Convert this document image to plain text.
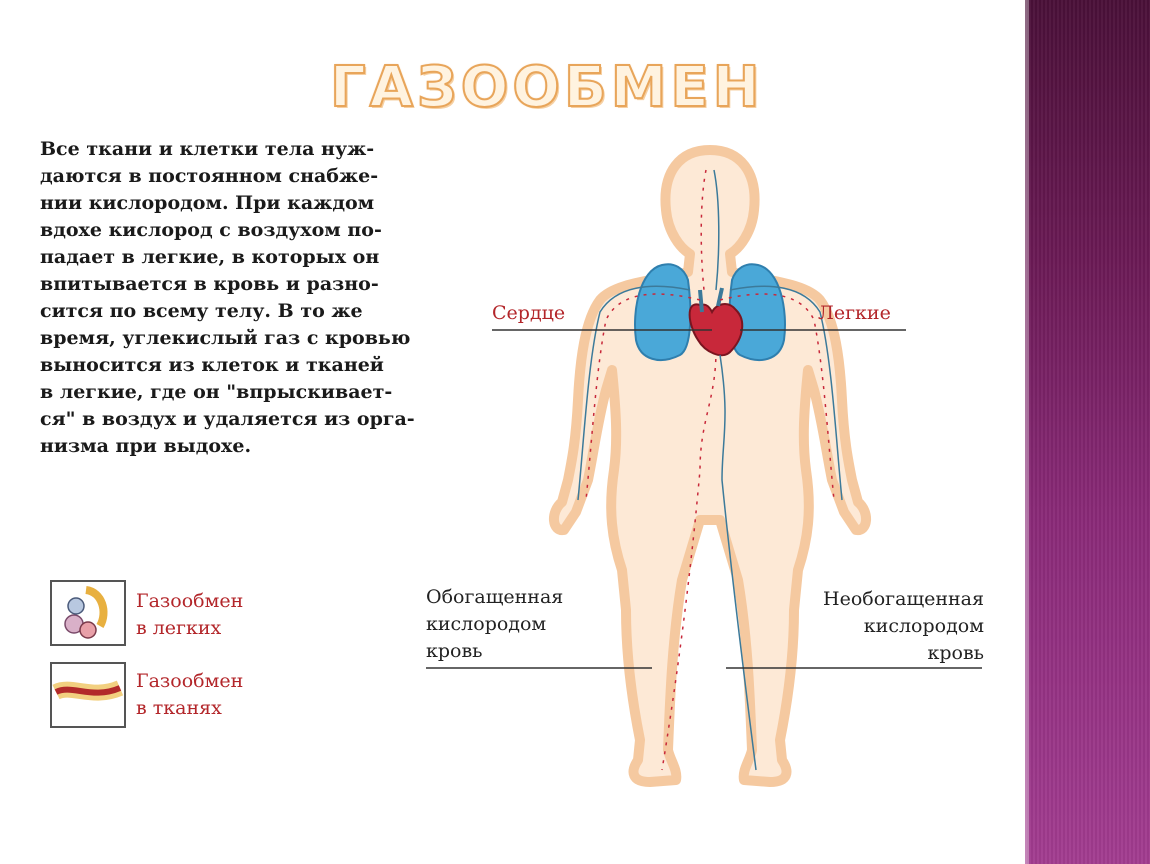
ГАЗООБМЕН
Все ткани и клетки тела нуж-
даются в постоянном снабже-
нии кислородом. При каждом
вдохе кислород с воздухом по-
падает в легкие, в которых он
впитывается в кровь и разно-
сится по всему телу. В то же
время, углекислый газ с кровью
выносится из клеток и тканей
в легкие, где он "впрыскивает-
ся" в воздух и удаляется из орга-
низма при выдохе.
Сердце	Легкие
Обогащенная
кислородом
кровь
Необогащенная
кислородом
кровь
Газообмен
в легких
Газообмен
в тканях
